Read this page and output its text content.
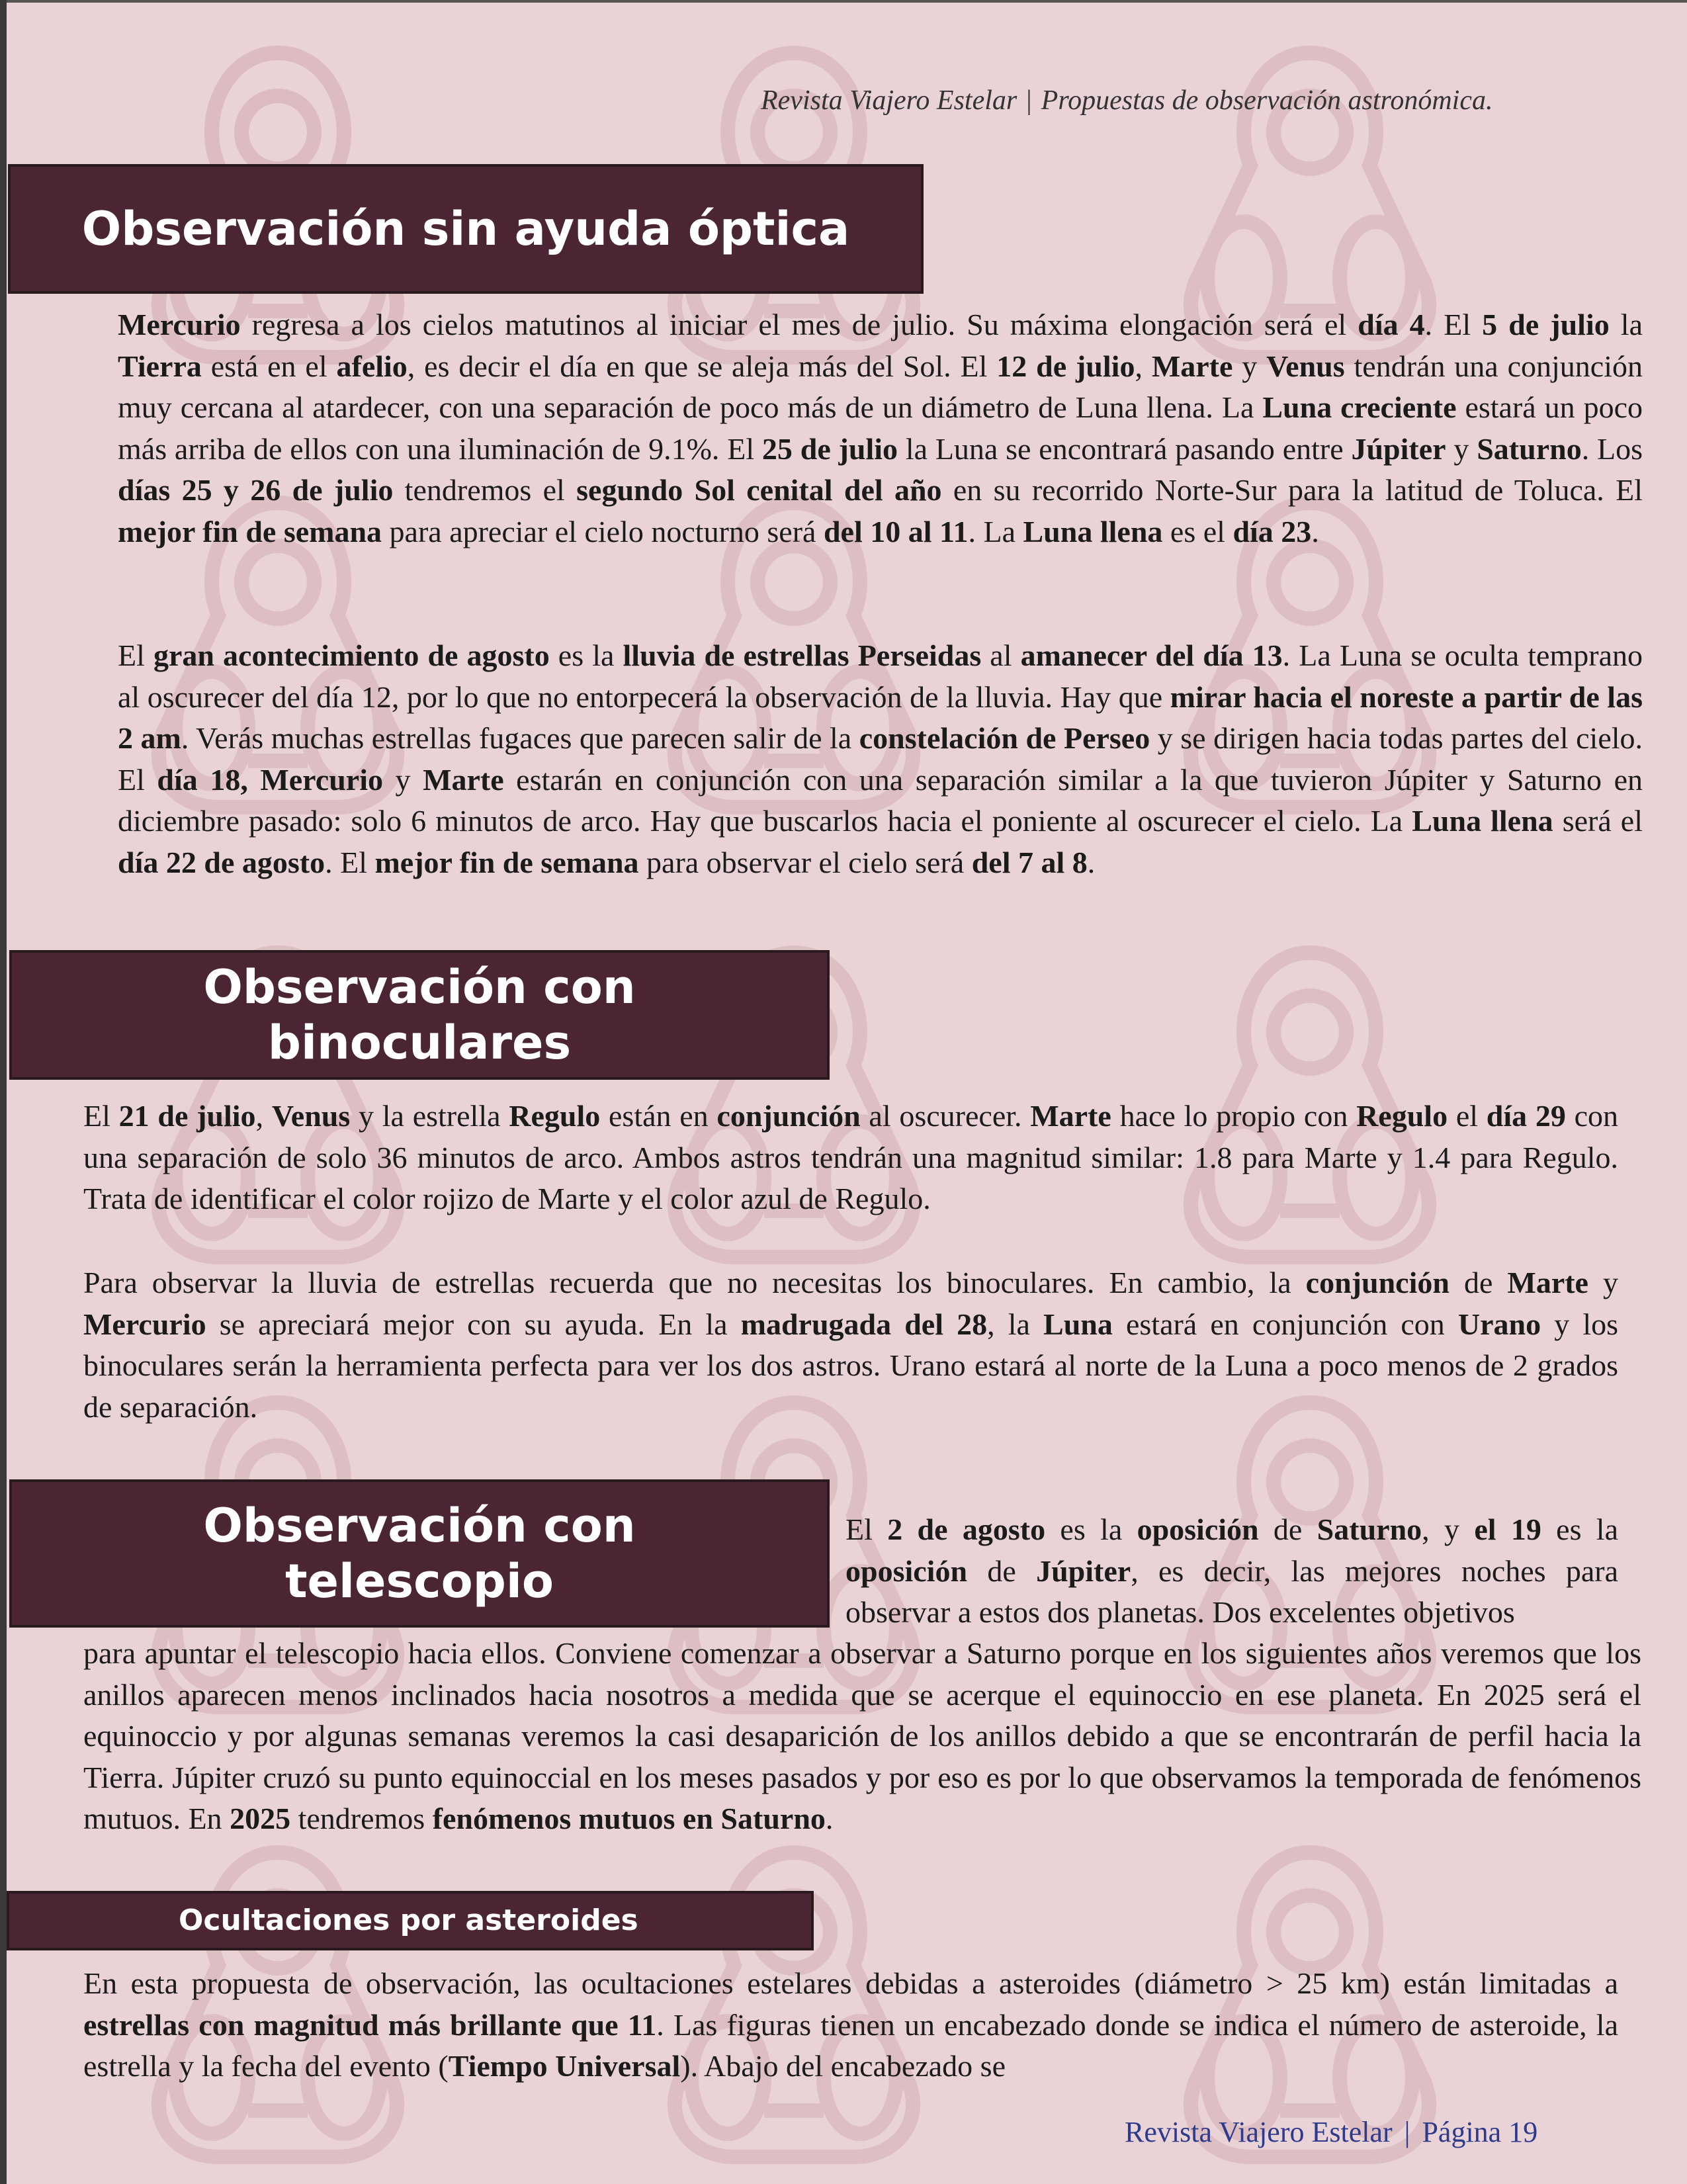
Revista Viajero Estelar | Propuestas de observación astronómica.
Observación sin ayuda óptica
Mercurio regresa a los cielos matutinos al iniciar el mes de julio. Su máxima elongación será el día 4. El 5 de julio la Tierra está en el afelio, es decir el día en que se aleja más del Sol. El 12 de julio, Marte y Venus tendrán una conjunción muy cercana al atardecer, con una separación de poco más de un diámetro de Luna llena. La Luna creciente estará un poco más arriba de ellos con una iluminación de 9.1%. El 25 de julio la Luna se encontrará pasando entre Júpiter y Saturno. Los días 25 y 26 de julio tendremos el segundo Sol cenital del año en su recorrido Norte-Sur para la latitud de Toluca. El mejor fin de semana para apreciar el cielo nocturno será del 10 al 11. La Luna llena es el día 23.
El gran acontecimiento de agosto es la lluvia de estrellas Perseidas al amanecer del día 13. La Luna se oculta temprano al oscurecer del día 12, por lo que no entorpecerá la observación de la lluvia. Hay que mirar hacia el noreste a partir de las 2 am. Verás muchas estrellas fugaces que parecen salir de la constelación de Perseo y se dirigen hacia todas partes del cielo. El día 18, Mercurio y Marte estarán en conjunción con una separación similar a la que tuvieron Júpiter y Saturno en diciembre pasado: solo 6 minutos de arco. Hay que buscarlos hacia el poniente al oscurecer el cielo. La Luna llena será el día 22 de agosto. El mejor fin de semana para observar el cielo será del 7 al 8.
Observación con binoculares
El 21 de julio, Venus y la estrella Regulo están en conjunción al oscurecer. Marte hace lo propio con Regulo el día 29 con una separación de solo 36 minutos de arco. Ambos astros tendrán una magnitud similar: 1.8 para Marte y 1.4 para Regulo. Trata de identificar el color rojizo de Marte y el color azul de Regulo.
Para observar la lluvia de estrellas recuerda que no necesitas los binoculares. En cambio, la conjunción de Marte y Mercurio se apreciará mejor con su ayuda. En la madrugada del 28, la Luna estará en conjunción con Urano y los binoculares serán la herramienta perfecta para ver los dos astros. Urano estará al norte de la Luna a poco menos de 2 grados de separación.
Observación con telescopio
El 2 de agosto es la oposición de Saturno, y el 19 es la oposición de Júpiter, es decir, las mejores noches para observar a estos dos planetas. Dos excelentes objetivos
para apuntar el telescopio hacia ellos. Conviene comenzar a observar a Saturno porque en los siguientes años veremos que los anillos aparecen menos inclinados hacia nosotros a medida que se acerque el equinoccio en ese planeta. En 2025 será el equinoccio y por algunas semanas veremos la casi desaparición de los anillos debido a que se encontrarán de perfil hacia la Tierra. Júpiter cruzó su punto equinoccial en los meses pasados y por eso es por lo que observamos la temporada de fenómenos mutuos. En 2025 tendremos fenómenos mutuos en Saturno.
Ocultaciones por asteroides
En esta propuesta de observación, las ocultaciones estelares debidas a asteroides (diámetro > 25 km) están limitadas a estrellas con magnitud más brillante que 11. Las figuras tienen un encabezado donde se indica el número de asteroide, la estrella y la fecha del evento (Tiempo Universal). Abajo del encabezado se
Revista Viajero Estelar | Página 19
